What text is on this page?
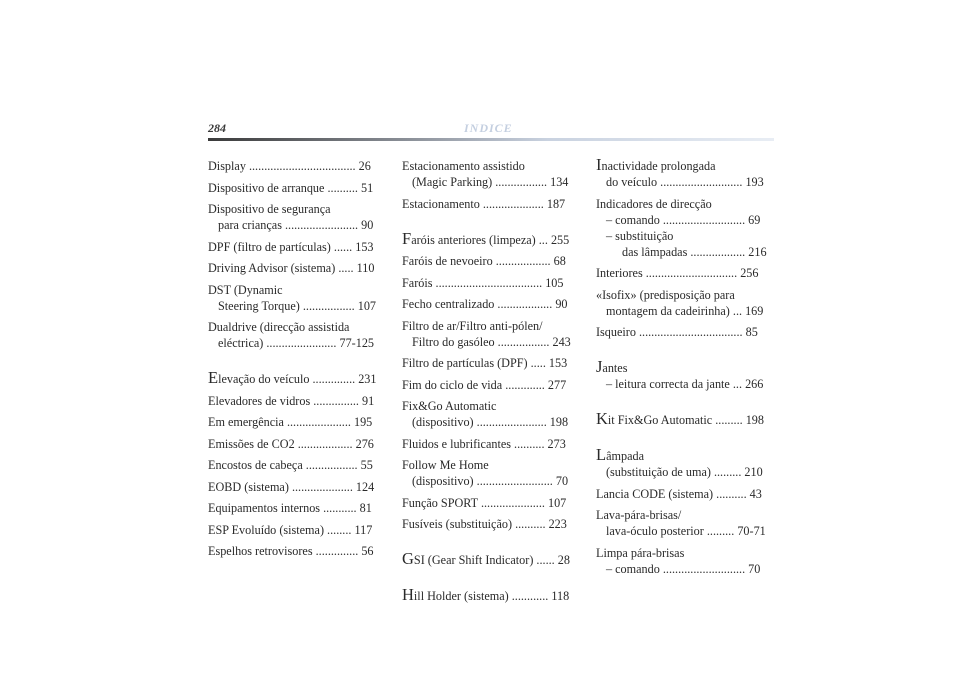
284	INDICE
Display ................................... 26
Dispositivo de arranque .......... 51
Dispositivo de segurança
para crianças ........................ 90
DPF (filtro de partículas) ...... 153
Driving Advisor (sistema) ..... 110
DST (Dynamic
Steering Torque) ................. 107
Dualdrive (direcção assistida
eléctrica) ....................... 77-125
Elevação do veículo .............. 231
Elevadores de vidros ............... 91
Em emergência ..................... 195
Emissões de CO2 .................. 276
Encostos de cabeça ................. 55
EOBD (sistema) .................... 124
Equipamentos internos ........... 81
ESP Evoluído (sistema) ........ 117
Espelhos retrovisores .............. 56
Estacionamento assistido
(Magic Parking) ................. 134
Estacionamento .................... 187
Faróis anteriores (limpeza) ... 255
Faróis de nevoeiro .................. 68
Faróis ................................... 105
Fecho centralizado .................. 90
Filtro de ar/Filtro anti-pólen/
Filtro do gasóleo ................. 243
Filtro de partículas (DPF) ..... 153
Fim do ciclo de vida ............. 277
Fix&Go Automatic
(dispositivo) ....................... 198
Fluidos e lubrificantes .......... 273
Follow Me Home
(dispositivo) ......................... 70
Função SPORT ..................... 107
Fusíveis (substituição) .......... 223
GSI (Gear Shift Indicator) ...... 28
Hill Holder (sistema) ............ 118
Inactividade prolongada
do veículo ........................... 193
Indicadores de direcção
– comando ........................... 69
– substituição
das lâmpadas .................. 216
Interiores .............................. 256
«Isofix» (predisposição para
montagem da cadeirinha) ... 169
Isqueiro .................................. 85
Jantes
– leitura correcta da jante ... 266
Kit Fix&Go Automatic ......... 198
Lâmpada
(substituição de uma) ......... 210
Lancia CODE (sistema) .......... 43
Lava-pára-brisas/
lava-óculo posterior ......... 70-71
Limpa pára-brisas
– comando ........................... 70
